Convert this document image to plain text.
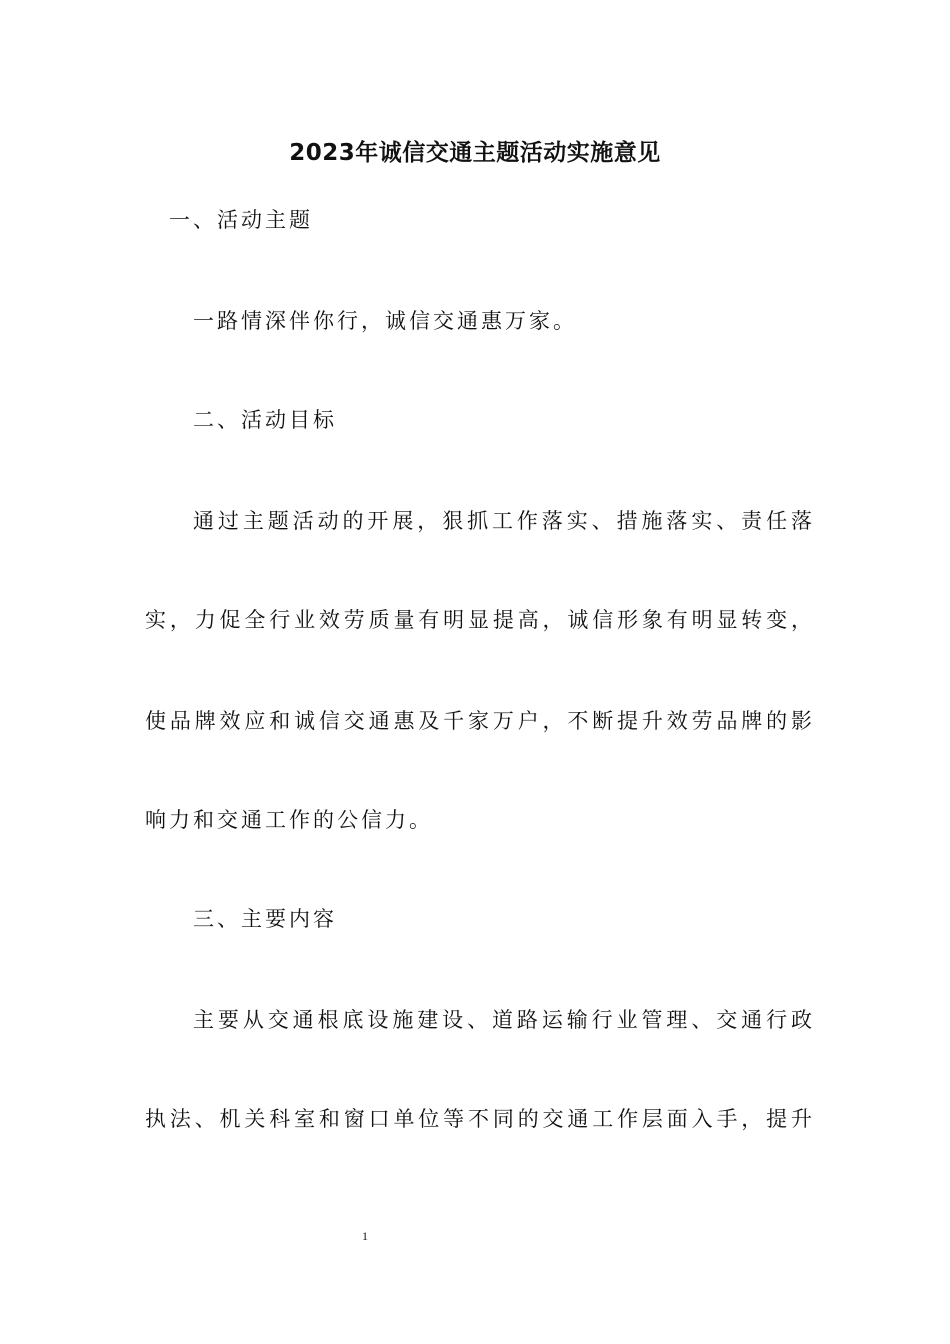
2023年诚信交通主题活动实施意见
一、活动主题
一路情深伴你行，诚信交通惠万家。
二、活动目标
通过主题活动的开展，狠抓工作落实、措施落实、责任落
实，力促全行业效劳质量有明显提高，诚信形象有明显转变，
使品牌效应和诚信交通惠及千家万户，不断提升效劳品牌的影
响力和交通工作的公信力。
三、主要内容
主要从交通根底设施建设、道路运输行业管理、交通行政
执法、机关科室和窗口单位等不同的交通工作层面入手，提升
1
